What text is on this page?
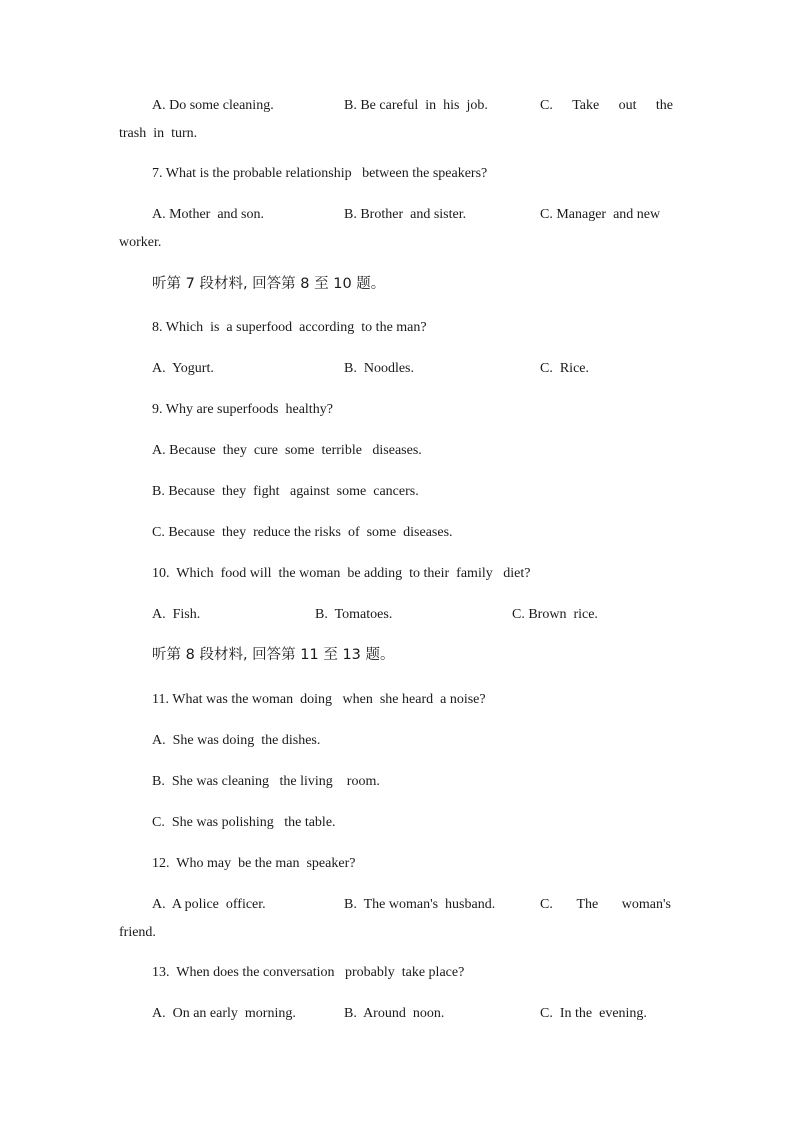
A. Do some cleaning.	B. Be careful  in  his  job.	C. Take out the
trash  in  turn.
7. What is the probable relationship   between the speakers?
A. Mother  and son.	B. Brother  and sister.	C. Manager  and new
worker.
听第 7 段材料, 回答第 8 至 10 题。
8. Which  is  a superfood  according  to the man?
A.  Yogurt.	B.  Noodles.	C.  Rice.
9. Why are superfoods  healthy?
A. Because  they  cure  some  terrible   diseases.
B. Because  they  fight   against  some  cancers.
C. Because  they  reduce the risks  of  some  diseases.
10.  Which  food will  the woman  be adding  to their  family   diet?
A.  Fish.	B.  Tomatoes.	C. Brown  rice.
听第 8 段材料, 回答第 11 至 13 题。
11. What was the woman  doing   when  she heard  a noise?
A.  She was doing  the dishes.
B.  She was cleaning   the living    room.
C.  She was polishing   the table.
12.  Who may  be the man  speaker?
A.  A police  officer.	B.  The woman's  husband.	C. The woman's
friend.
13.  When does the conversation   probably  take place?
A.  On an early  morning.	B.  Around  noon.	C.  In the  evening.
